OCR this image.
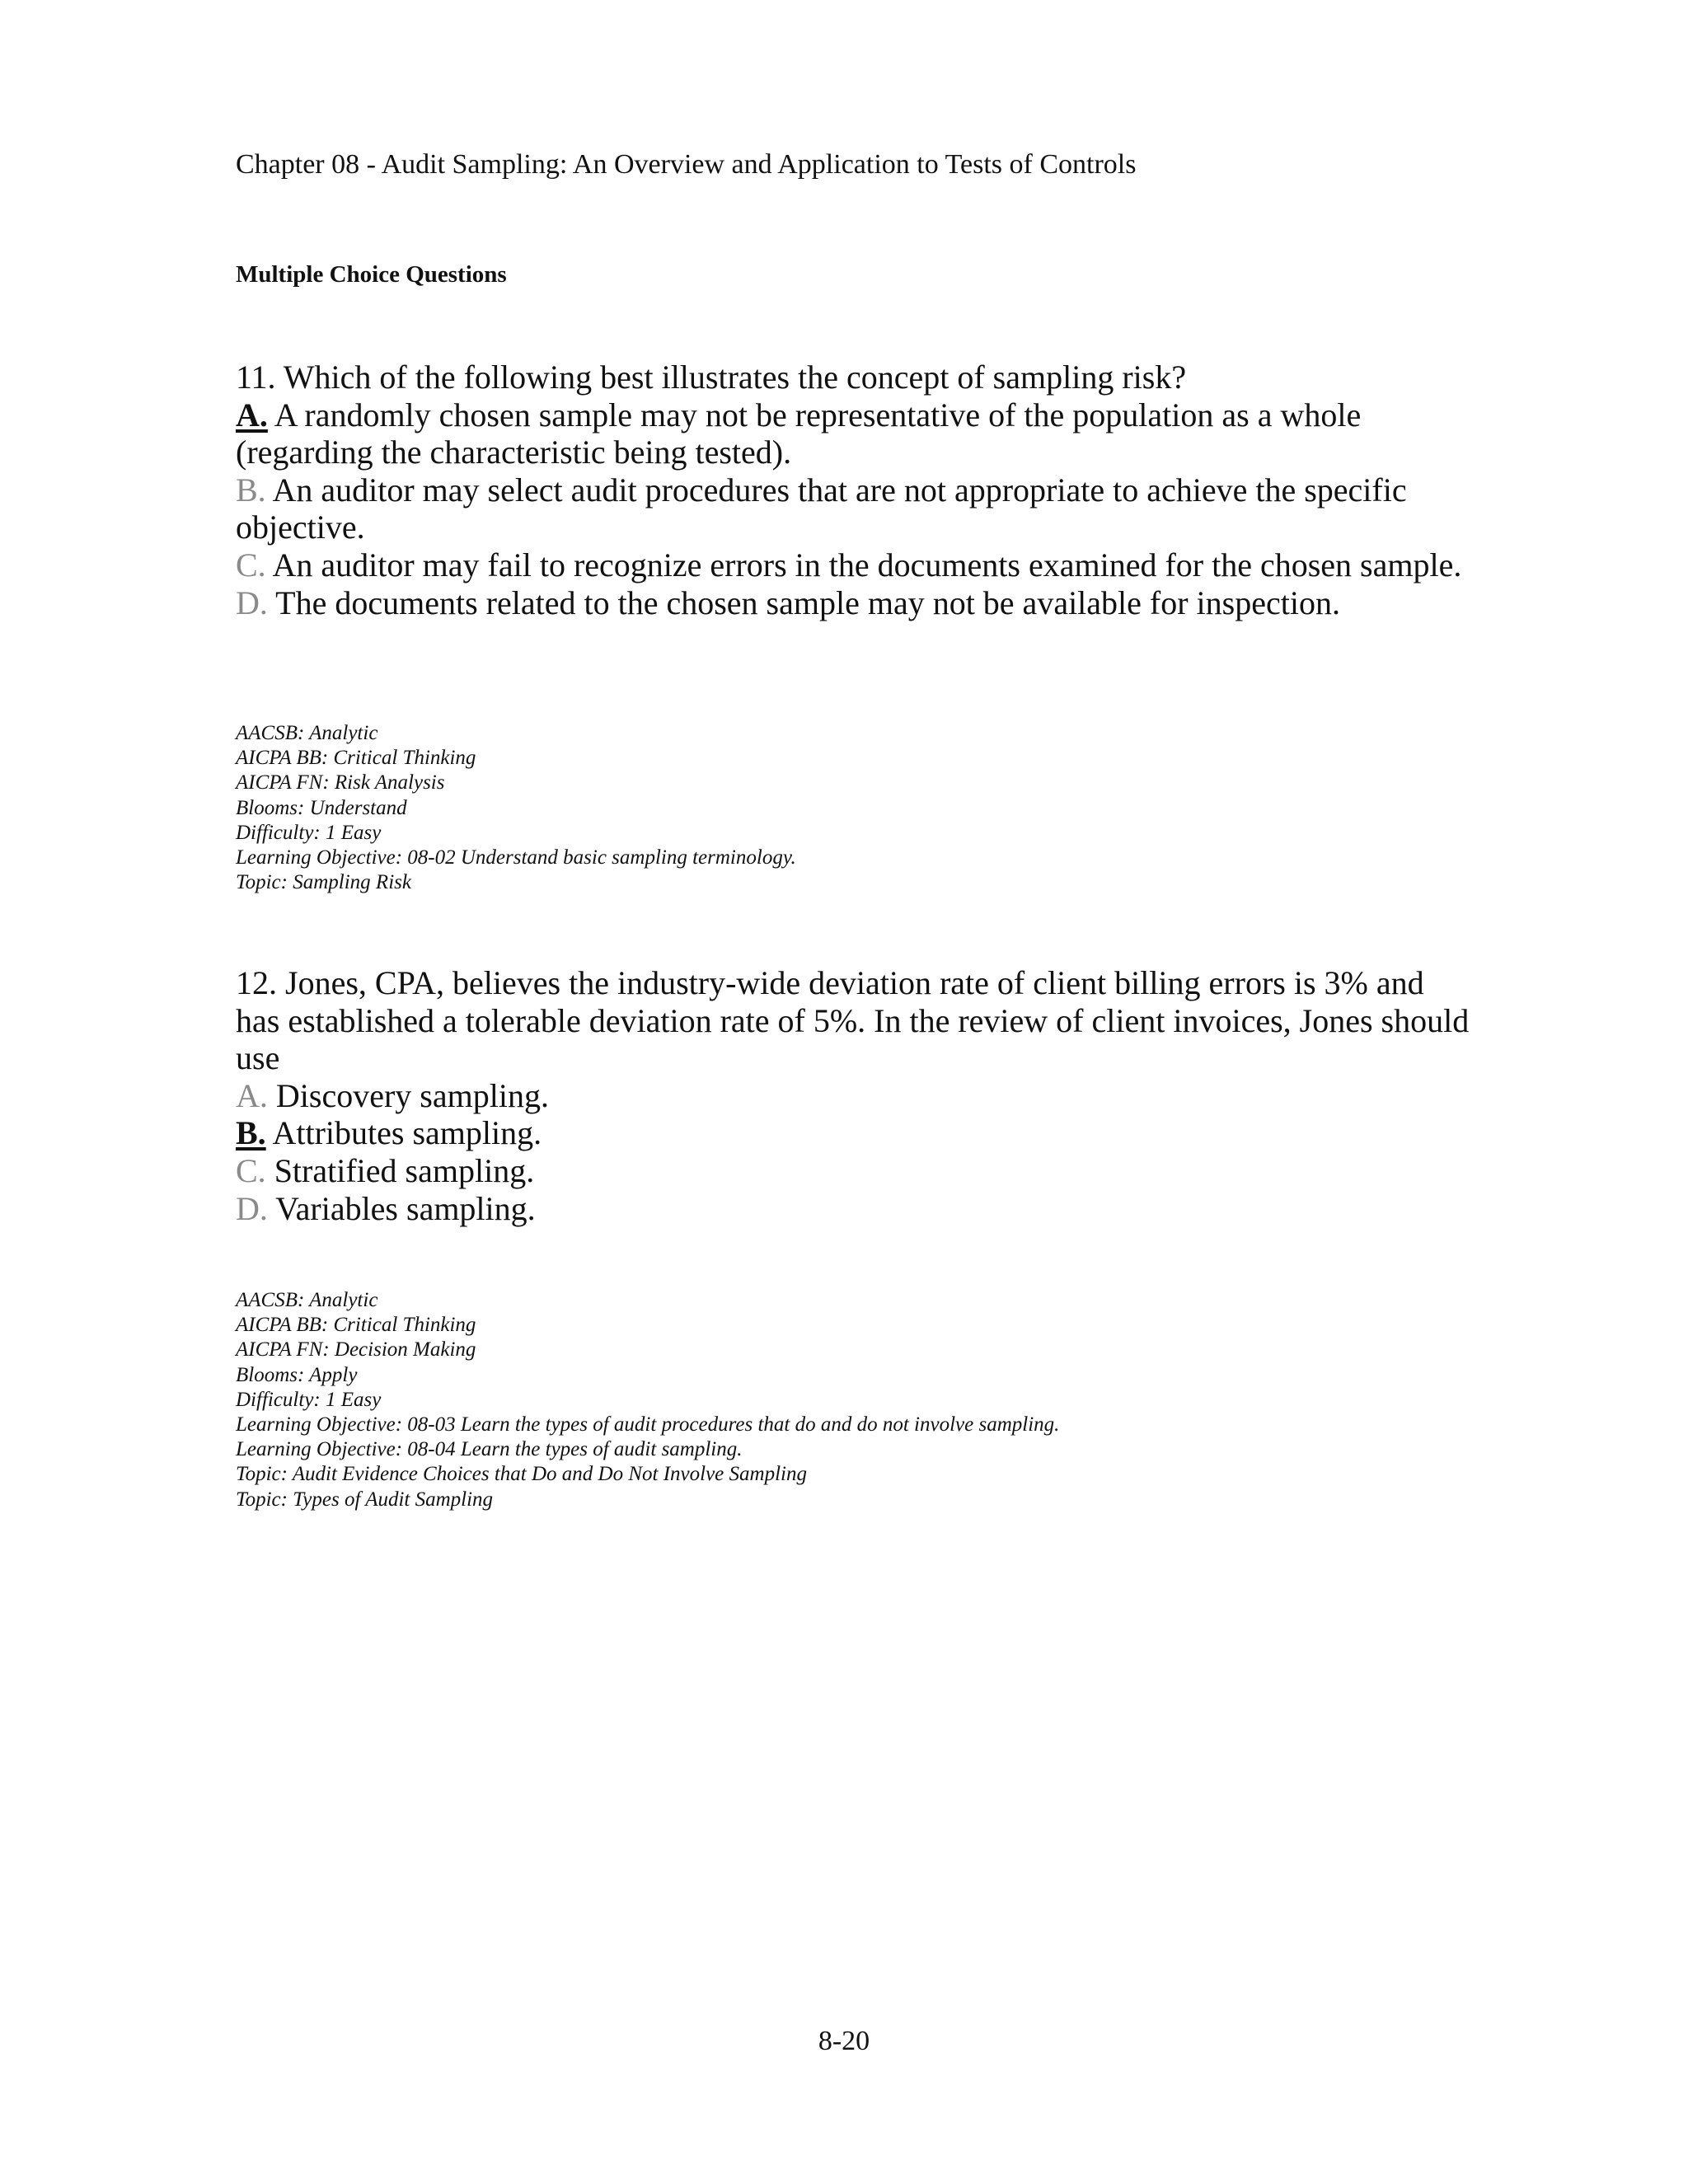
Chapter 08 - Audit Sampling: An Overview and Application to Tests of Controls
Multiple Choice Questions
11. Which of the following best illustrates the concept of sampling risk?
A. A randomly chosen sample may not be representative of the population as a whole (regarding the characteristic being tested).
B. An auditor may select audit procedures that are not appropriate to achieve the specific objective.
C. An auditor may fail to recognize errors in the documents examined for the chosen sample.
D. The documents related to the chosen sample may not be available for inspection.
AACSB: Analytic
AICPA BB: Critical Thinking
AICPA FN: Risk Analysis
Blooms: Understand
Difficulty: 1 Easy
Learning Objective: 08-02 Understand basic sampling terminology.
Topic: Sampling Risk
12. Jones, CPA, believes the industry-wide deviation rate of client billing errors is 3% and has established a tolerable deviation rate of 5%. In the review of client invoices, Jones should use
A. Discovery sampling.
B. Attributes sampling.
C. Stratified sampling.
D. Variables sampling.
AACSB: Analytic
AICPA BB: Critical Thinking
AICPA FN: Decision Making
Blooms: Apply
Difficulty: 1 Easy
Learning Objective: 08-03 Learn the types of audit procedures that do and do not involve sampling.
Learning Objective: 08-04 Learn the types of audit sampling.
Topic: Audit Evidence Choices that Do and Do Not Involve Sampling
Topic: Types of Audit Sampling
8-20
